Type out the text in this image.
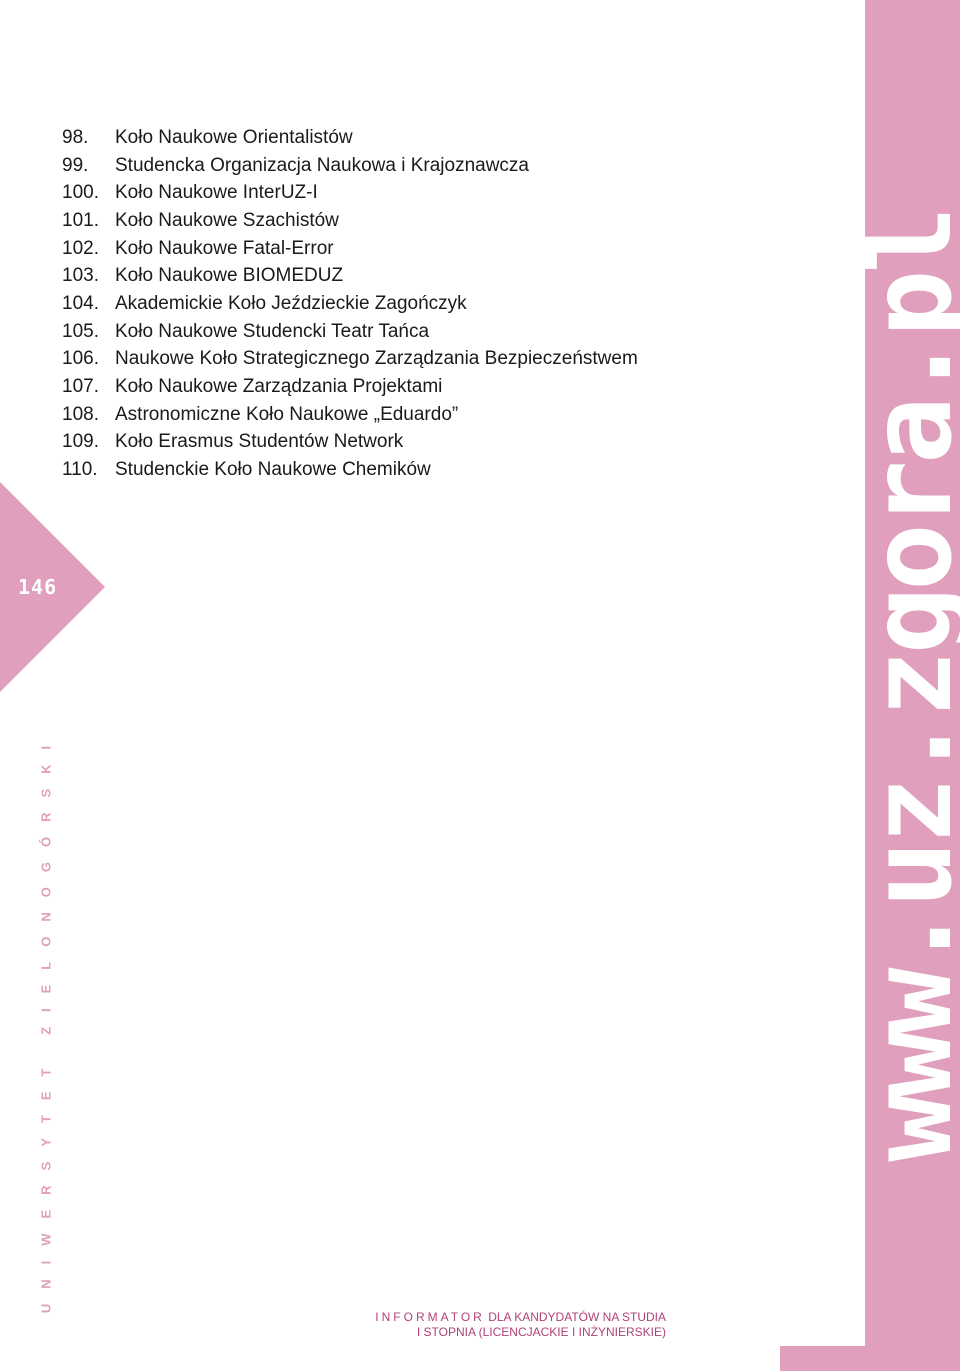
www.uz.zgora.pl
146
UNIWERSYTET ZIELONOGÓRSKI
98.	Koło Naukowe Orientalistów
99.	Studencka Organizacja Naukowa i Krajoznawcza
100. Koło Naukowe InterUZ-I
101. Koło Naukowe Szachistów
102. Koło Naukowe Fatal-Error
103. Koło Naukowe BIOMEDUZ
104. Akademickie Koło Jeździeckie Zagończyk
105. Koło Naukowe Studencki Teatr Tańca
106. Naukowe Koło Strategicznego Zarządzania Bezpieczeństwem
107. Koło Naukowe Zarządzania Projektami
108. Astronomiczne Koło Naukowe „Eduardo”
109. Koło Erasmus Studentów Network
110. Studenckie Koło Naukowe Chemików
INFORMATOR DLA KANDYDATÓW NA STUDIA
I STOPNIA (LICENCJACKIE I INŻYNIERSKIE)
